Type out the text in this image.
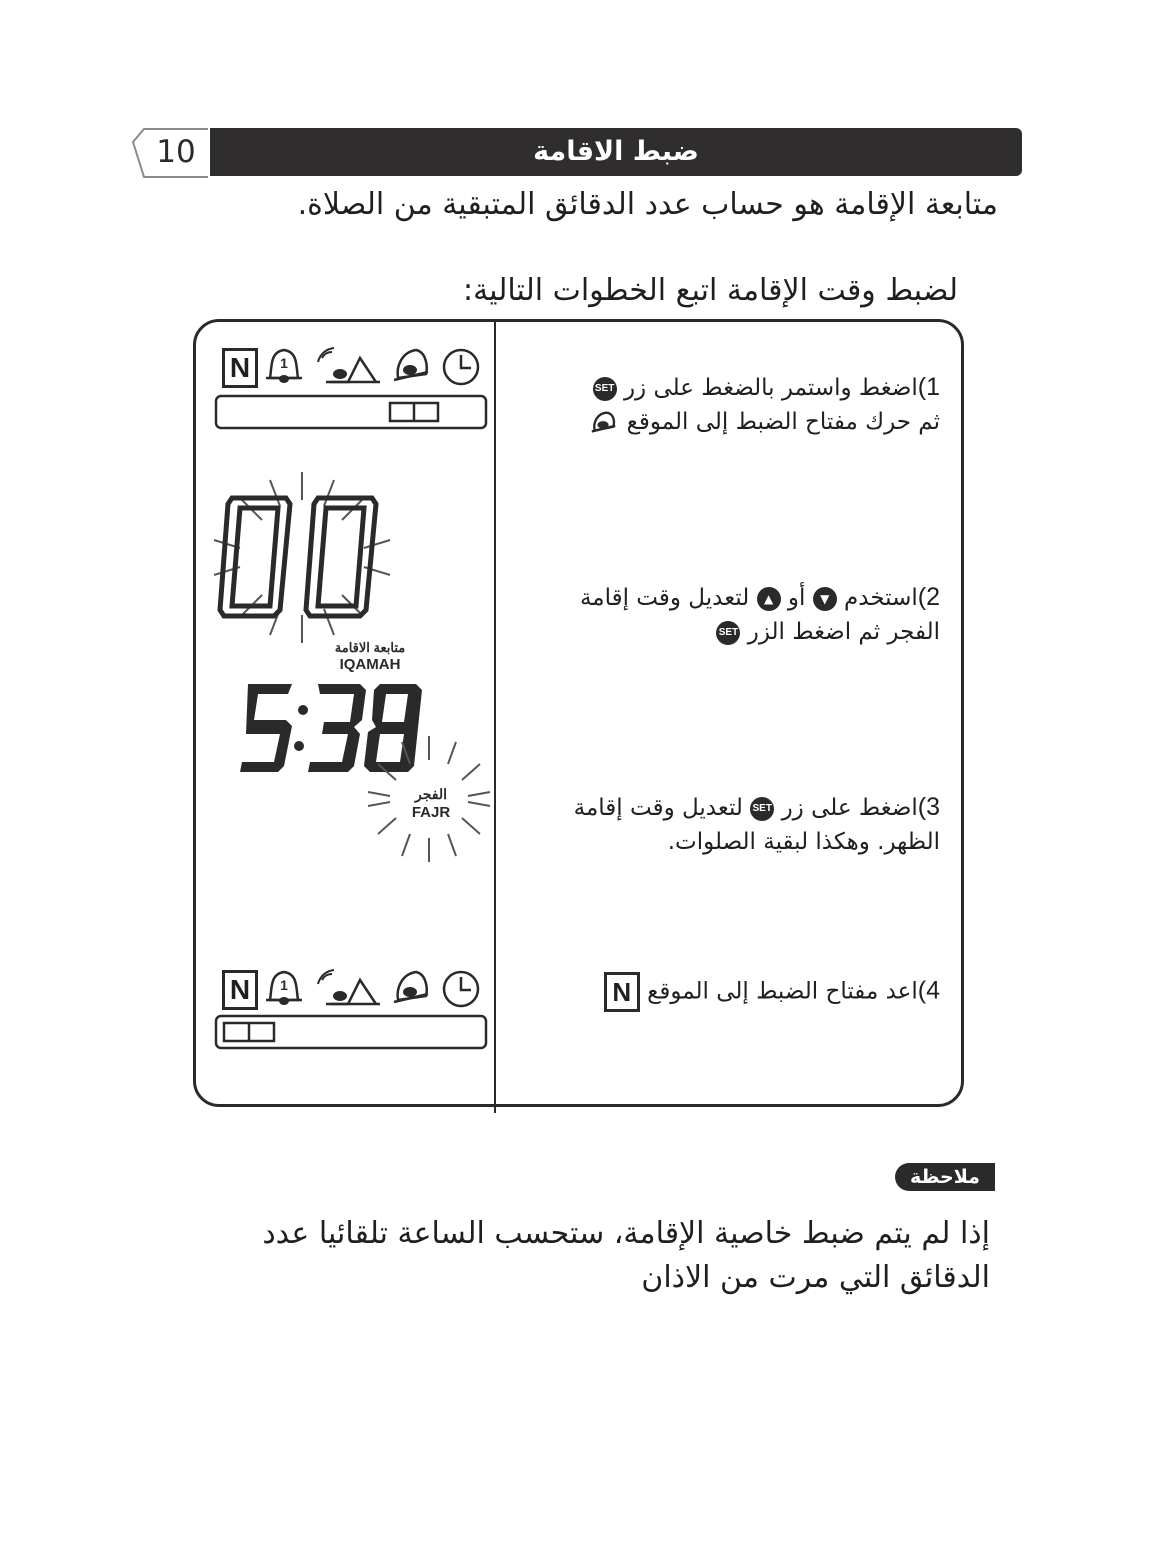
10	ضبط الاقامة
متابعة الإقامة هو حساب عدد الدقائق المتبقية من الصلاة.
لضبط وقت الإقامة اتبع الخطوات التالية:
1)اضغط واستمر بالضغط على زر SET
ثم حرك مفتاح الضبط إلى الموقع
2)استخدم ▼ أو ▲ لتعديل وقت إقامة
الفجر ثم اضغط الزر SET
3)اضغط على زر SET لتعديل وقت إقامة
الظهر. وهكذا لبقية الصلوات.
4)اعد مفتاح الضبط إلى الموقع N
N	1
متابعة الاقامة
IQAMAH
الفجر
FAJR
N	1
ملاحظة
إذا لم يتم ضبط خاصية الإقامة، ستحسب الساعة تلقائيا عدد
الدقائق التي مرت من الاذان
